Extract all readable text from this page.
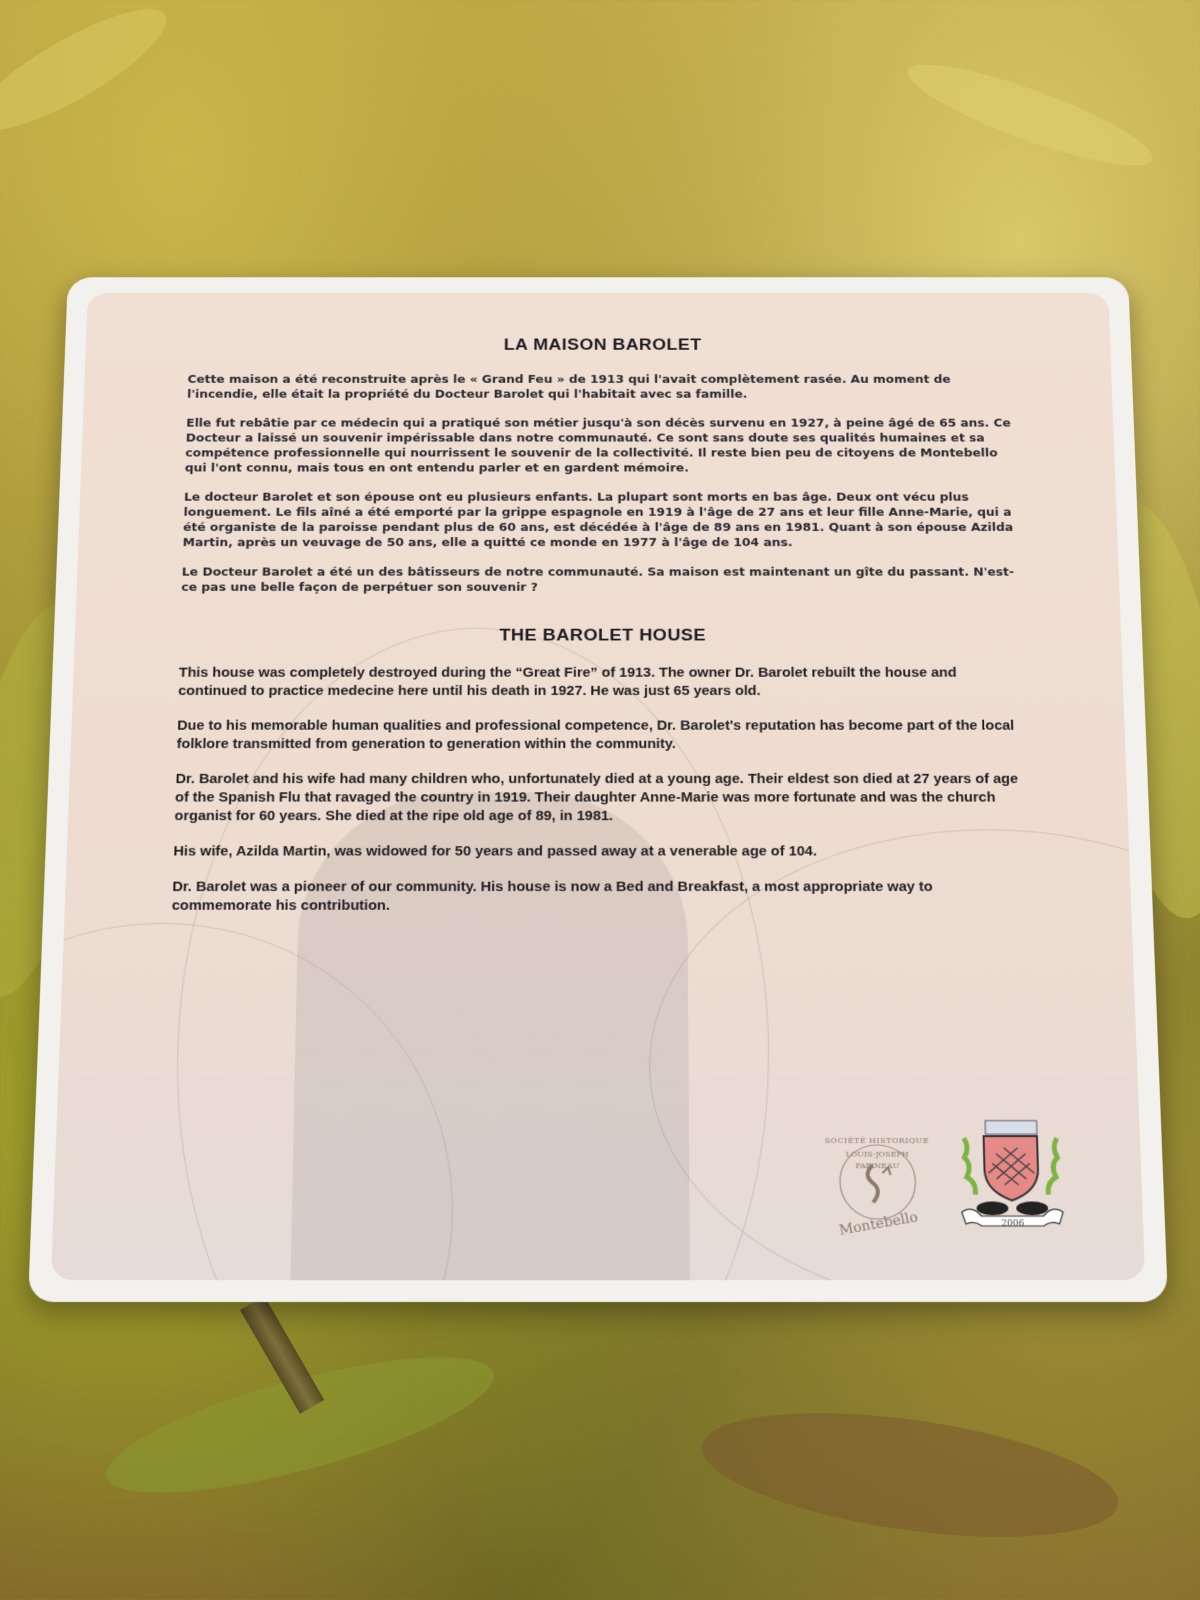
LA MAISON BAROLET

Cette maison a été reconstruite après le « Grand Feu » de 1913 qui l'avait complètement rasée. Au moment de l'incendie, elle était la propriété du Docteur Barolet qui l'habitait avec sa famille.

Elle fut rebâtie par ce médecin qui a pratiqué son métier jusqu'à son décès survenu en 1927, à peine âgé de 65 ans. Ce Docteur a laissé un souvenir impérissable dans notre communauté. Ce sont sans doute ses qualités humaines et sa compétence professionnelle qui nourrissent le souvenir de la collectivité. Il reste bien peu de citoyens de Montebello qui l'ont connu, mais tous en ont entendu parler et en gardent mémoire.

Le docteur Barolet et son épouse ont eu plusieurs enfants. La plupart sont morts en bas âge. Deux ont vécu plus longuement. Le fils aîné a été emporté par la grippe espagnole en 1919 à l'âge de 27 ans et leur fille Anne-Marie, qui a été organiste de la paroisse pendant plus de 60 ans, est décédée à l'âge de 89 ans en 1981. Quant à son épouse Azilda Martin, après un veuvage de 50 ans, elle a quitté ce monde en 1977 à l'âge de 104 ans.

Le Docteur Barolet a été un des bâtisseurs de notre communauté. Sa maison est maintenant un gîte du passant. N'est-ce pas une belle façon de perpétuer son souvenir ?

THE BAROLET HOUSE

This house was completely destroyed during the “Great Fire” of 1913. The owner Dr. Barolet rebuilt the house and continued to practice medecine here until his death in 1927. He was just 65 years old.

Due to his memorable human qualities and professional competence, Dr. Barolet's reputation has become part of the local folklore transmitted from generation to generation within the community.

Dr. Barolet and his wife had many children who, unfortunately died at a young age. Their eldest son died at 27 years of age of the Spanish Flu that ravaged the country in 1919. Their daughter Anne-Marie was more fortunate and was the church organist for 60 years. She died at the ripe old age of 89, in 1981.

His wife, Azilda Martin, was widowed for 50 years and passed away at a venerable age of 104.

Dr. Barolet was a pioneer of our community. His house is now a Bed and Breakfast, a most appropriate way to commemorate his contribution.

SOCIÉTÉ HISTORIQUE
LOUIS-JOSEPH
PAPINEAU
Montebello	2006
